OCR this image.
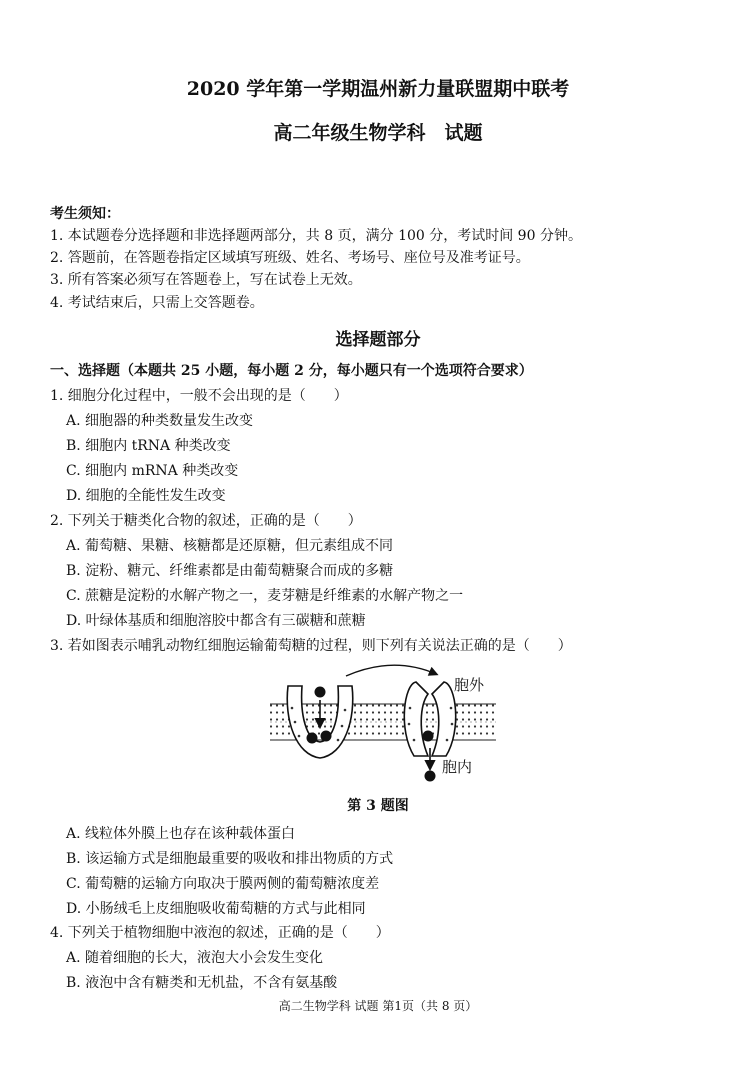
2020 学年第一学期温州新力量联盟期中联考
高二年级生物学科　试题
考生须知：
1. 本试题卷分选择题和非选择题两部分，共 8 页，满分 100 分，考试时间 90 分钟。
2. 答题前，在答题卷指定区域填写班级、姓名、考场号、座位号及准考证号。
3. 所有答案必须写在答题卷上，写在试卷上无效。
4. 考试结束后，只需上交答题卷。
选择题部分
一、选择题（本题共 25 小题，每小题 2 分，每小题只有一个选项符合要求）
1. 细胞分化过程中，一般不会出现的是（　　）
A. 细胞器的种类数量发生改变
B. 细胞内 tRNA 种类改变
C. 细胞内 mRNA 种类改变
D. 细胞的全能性发生改变
2. 下列关于糖类化合物的叙述，正确的是（　　）
A. 葡萄糖、果糖、核糖都是还原糖，但元素组成不同
B. 淀粉、糖元、纤维素都是由葡萄糖聚合而成的多糖
C. 蔗糖是淀粉的水解产物之一，麦芽糖是纤维素的水解产物之一
D. 叶绿体基质和细胞溶胶中都含有三碳糖和蔗糖
3. 若如图表示哺乳动物红细胞运输葡萄糖的过程，则下列有关说法正确的是（　　）
胞外
胞内
第 3 题图
A. 线粒体外膜上也存在该种载体蛋白
B. 该运输方式是细胞最重要的吸收和排出物质的方式
C. 葡萄糖的运输方向取决于膜两侧的葡萄糖浓度差
D. 小肠绒毛上皮细胞吸收葡萄糖的方式与此相同
4. 下列关于植物细胞中液泡的叙述，正确的是（　　）
A. 随着细胞的长大，液泡大小会发生变化
B. 液泡中含有糖类和无机盐，不含有氨基酸
高二生物学科 试题 第1页（共 8 页）
